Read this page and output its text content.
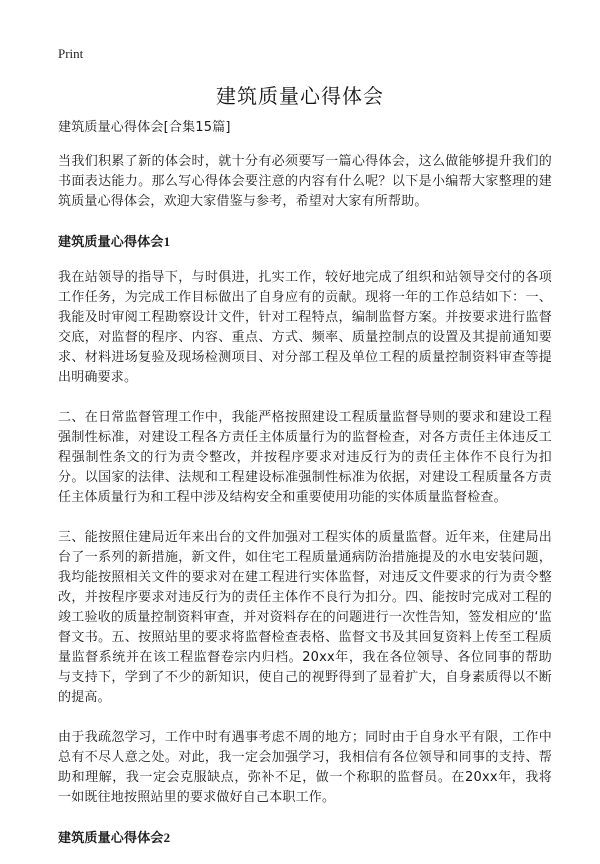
Print
建筑质量心得体会

建筑质量心得体会[合集15篇]

当我们积累了新的体会时，就十分有必须要写一篇心得体会，这么做能够提升我们的书面表达能力。那么写心得体会要注意的内容有什么呢？以下是小编帮大家整理的建筑质量心得体会，欢迎大家借鉴与参考，希望对大家有所帮助。

建筑质量心得体会1

我在站领导的指导下，与时俱进，扎实工作，较好地完成了组织和站领导交付的各项工作任务，为完成工作目标做出了自身应有的贡献。现将一年的工作总结如下：一、我能及时审阅工程勘察设计文件，针对工程特点，编制监督方案。并按要求进行监督交底，对监督的程序、内容、重点、方式、频率、质量控制点的设置及其提前通知要求、材料进场复验及现场检测项目、对分部工程及单位工程的质量控制资料审查等提出明确要求。

二、在日常监督管理工作中，我能严格按照建设工程质量监督导则的要求和建设工程强制性标准，对建设工程各方责任主体质量行为的监督检查，对各方责任主体违反工程强制性条文的行为责令整改，并按程序要求对违反行为的责任主体作不良行为扣分。以国家的法律、法规和工程建设标准强制性标准为依据，对建设工程质量各方责任主体质量行为和工程中涉及结构安全和重要使用功能的实体质量监督检查。

三、能按照住建局近年来出台的文件加强对工程实体的质量监督。近年来，住建局出台了一系列的新措施，新文件，如住宅工程质量通病防治措施提及的水电安装问题，我均能按照相关文件的要求对在建工程进行实体监督，对违反文件要求的行为责令整改，并按程序要求对违反行为的责任主体作不良行为扣分。四、能按时完成对工程的竣工验收的质量控制资料审查，并对资料存在的问题进行一次性告知，签发相应的‘监督文书。五、按照站里的要求将监督检查表格、监督文书及其回复资料上传至工程质量监督系统并在该工程监督卷宗内归档。20xx年，我在各位领导、各位同事的帮助与支持下，学到了不少的新知识，使自己的视野得到了显着扩大，自身素质得以不断的提高。

由于我疏忽学习，工作中时有遇事考虑不周的地方；同时由于自身水平有限，工作中总有不尽人意之处。对此，我一定会加强学习，我相信有各位领导和同事的支持、帮助和理解，我一定会克服缺点，弥补不足，做一个称职的监督员。在20xx年，我将一如既往地按照站里的要求做好自己本职工作。

建筑质量心得体会2
